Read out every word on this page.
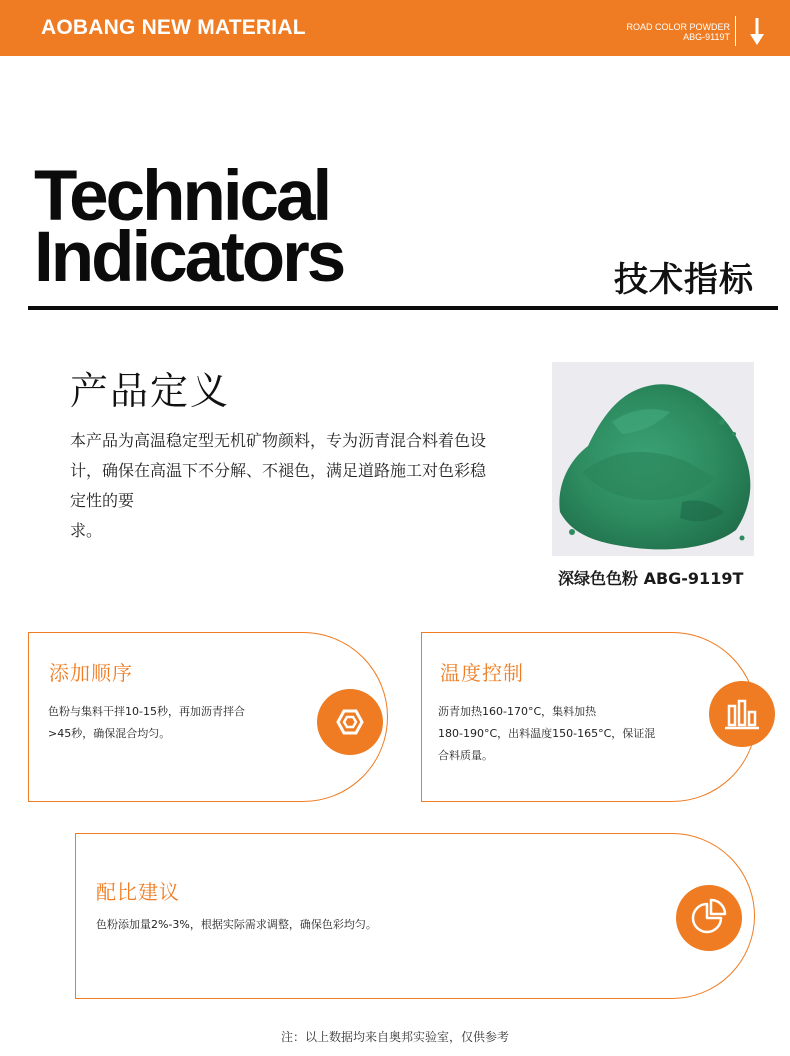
AOBANG NEW MATERIAL	ROAD COLOR POWDER
ABG-9119T
Technical
Indicators	技术指标
产品定义
本产品为高温稳定型无机矿物颜料，专为沥青混合料着色设
计，确保在高温下不分解、不褪色，满足道路施工对色彩稳
定性的要
求。
深绿色色粉 ABG-9119T
添加顺序
色粉与集料干拌10-15秒，再加沥青拌合
>45秒，确保混合均匀。
温度控制
沥青加热160-170°C，集料加热
180-190°C，出料温度150-165°C，保证混
合料质量。
配比建议
色粉添加量2%-3%，根据实际需求调整，确保色彩均匀。
注：以上数据均来自奥邦实验室，仅供参考
